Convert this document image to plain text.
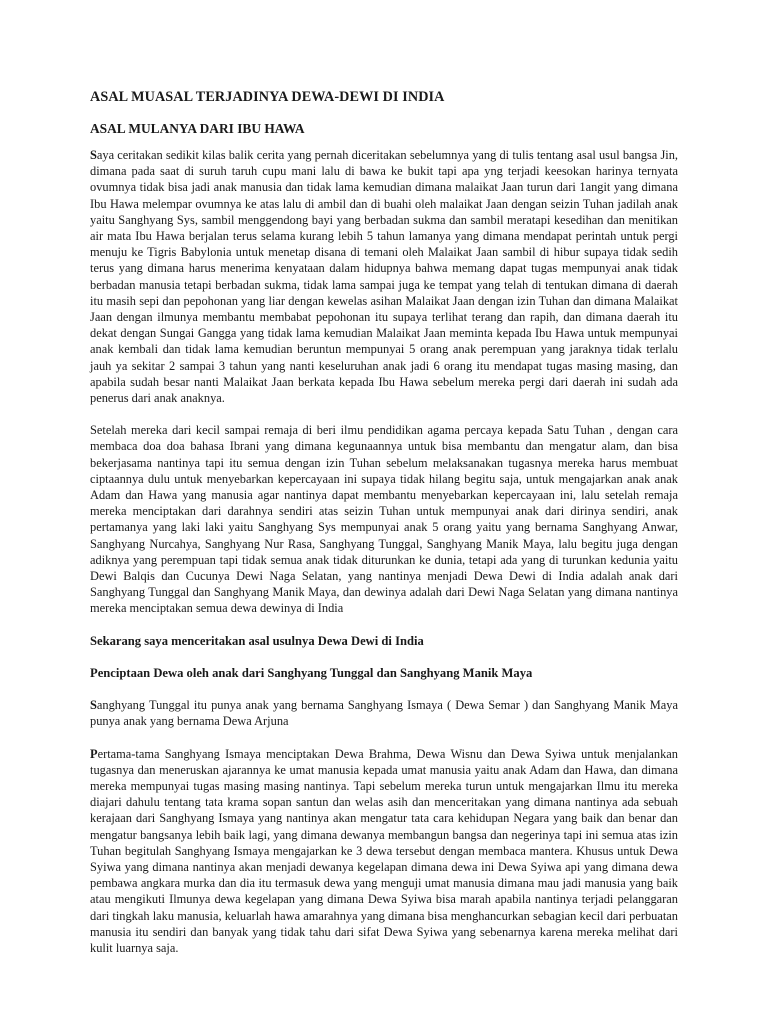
ASAL MUASAL TERJADINYA DEWA-DEWI DI INDIA
ASAL MULANYA DARI IBU HAWA

Saya ceritakan sedikit kilas balik cerita yang pernah diceritakan sebelumnya yang di tulis tentang asal usul bangsa Jin, dimana pada saat di suruh taruh cupu mani lalu di bawa ke bukit tapi apa yng terjadi keesokan harinya ternyata ovumnya tidak bisa jadi anak manusia dan tidak lama kemudian dimana malaikat Jaan turun dari 1angit yang dimana Ibu Hawa melempar ovumnya ke atas lalu di ambil dan di buahi oleh malaikat Jaan dengan seizin Tuhan jadilah anak yaitu Sanghyang Sys, sambil menggendong bayi yang berbadan sukma dan sambil meratapi kesedihan dan menitikan air mata Ibu Hawa berjalan terus selama kurang lebih 5 tahun lamanya yang dimana mendapat perintah untuk pergi menuju ke Tigris Babylonia untuk menetap disana di temani oleh Malaikat Jaan sambil di hibur supaya tidak sedih terus yang dimana harus menerima kenyataan dalam hidupnya bahwa memang dapat tugas mempunyai anak tidak berbadan manusia tetapi berbadan sukma, tidak lama sampai juga ke tempat yang telah di tentukan dimana di daerah itu masih sepi dan pepohonan yang liar dengan kewelas asihan Malaikat Jaan dengan izin Tuhan dan dimana Malaikat Jaan dengan ilmunya membantu membabat pepohonan itu supaya terlihat terang dan rapih, dan dimana daerah itu dekat dengan Sungai Gangga yang tidak lama kemudian Malaikat Jaan meminta kepada Ibu Hawa untuk mempunyai anak kembali dan tidak lama kemudian beruntun mempunyai 5 orang anak perempuan yang jaraknya tidak terlalu jauh ya sekitar 2 sampai 3 tahun yang nanti keseluruhan anak jadi 6 orang itu mendapat tugas masing masing, dan apabila sudah besar nanti Malaikat Jaan berkata kepada Ibu Hawa sebelum mereka pergi dari daerah ini sudah ada penerus dari anak anaknya.

Setelah mereka dari kecil sampai remaja di beri ilmu pendidikan agama percaya kepada Satu Tuhan , dengan cara membaca doa doa bahasa Ibrani yang dimana kegunaannya untuk bisa membantu dan mengatur alam, dan bisa bekerjasama nantinya tapi itu semua dengan izin Tuhan sebelum melaksanakan tugasnya mereka harus membuat ciptaannya dulu untuk menyebarkan kepercayaan ini supaya tidak hilang begitu saja, untuk mengajarkan anak anak Adam dan Hawa yang manusia agar nantinya dapat membantu menyebarkan kepercayaan ini, lalu setelah remaja mereka menciptakan dari darahnya sendiri atas seizin Tuhan untuk mempunyai anak dari dirinya sendiri, anak pertamanya yang laki laki yaitu Sanghyang Sys mempunyai anak 5 orang yaitu yang bernama Sanghyang Anwar, Sanghyang Nurcahya, Sanghyang Nur Rasa, Sanghyang Tunggal, Sanghyang Manik Maya, lalu begitu juga dengan adiknya yang perempuan tapi tidak semua anak tidak diturunkan ke dunia, tetapi ada yang di turunkan kedunia yaitu Dewi Balqis dan Cucunya Dewi Naga Selatan, yang nantinya menjadi Dewa Dewi di India adalah anak dari Sanghyang Tunggal dan Sanghyang Manik Maya, dan dewinya adalah dari Dewi Naga Selatan yang dimana nantinya mereka menciptakan semua dewa dewinya di India

Sekarang saya menceritakan asal usulnya Dewa Dewi di India
Penciptaan Dewa oleh anak dari Sanghyang Tunggal dan Sanghyang Manik Maya

Sanghyang Tunggal itu punya anak yang bernama Sanghyang Ismaya ( Dewa Semar ) dan Sanghyang Manik Maya punya anak yang bernama Dewa Arjuna

Pertama-tama Sanghyang Ismaya menciptakan Dewa Brahma, Dewa Wisnu dan Dewa Syiwa untuk menjalankan tugasnya dan meneruskan ajarannya ke umat manusia kepada umat manusia yaitu anak Adam dan Hawa, dan dimana mereka mempunyai tugas masing masing nantinya. Tapi sebelum mereka turun untuk mengajarkan Ilmu itu mereka diajari dahulu tentang tata krama sopan santun dan welas asih dan menceritakan yang dimana nantinya ada sebuah kerajaan dari Sanghyang Ismaya yang nantinya akan mengatur tata cara kehidupan Negara yang baik dan benar dan mengatur bangsanya lebih baik lagi, yang dimana dewanya membangun bangsa dan negerinya tapi ini semua atas izin Tuhan begitulah Sanghyang Ismaya mengajarkan ke 3 dewa tersebut dengan membaca mantera. Khusus untuk Dewa Syiwa yang dimana nantinya akan menjadi dewanya kegelapan dimana dewa ini Dewa Syiwa api yang dimana dewa pembawa angkara murka dan dia itu termasuk dewa yang menguji umat manusia dimana mau jadi manusia yang baik atau mengikuti Ilmunya dewa kegelapan yang dimana Dewa Syiwa bisa marah apabila nantinya terjadi pelanggaran dari tingkah laku manusia, keluarlah hawa amarahnya yang dimana bisa menghancurkan sebagian kecil dari perbuatan manusia itu sendiri dan banyak yang tidak tahu dari sifat Dewa Syiwa yang sebenarnya karena mereka melihat dari kulit luarnya saja.
